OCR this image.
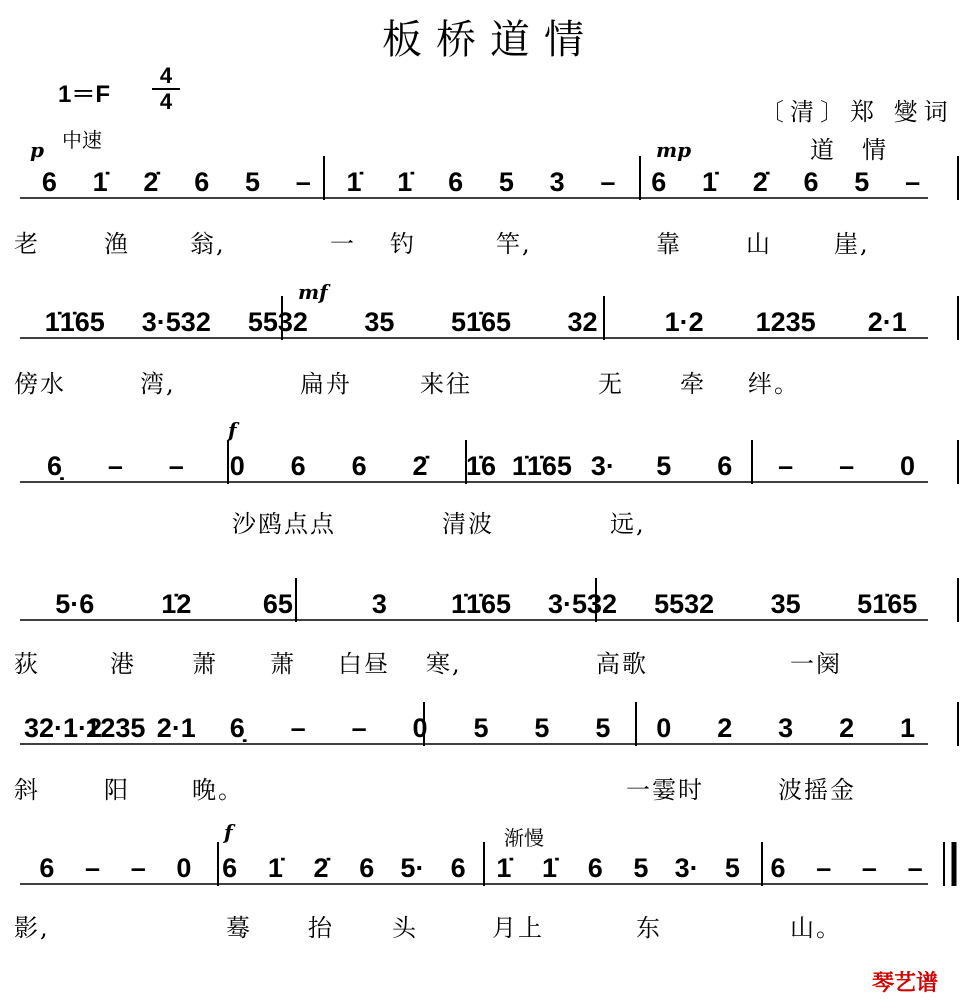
板桥道情
1＝F
4
4	〔清〕郑 燮词
道情
中速
渐慢
p	mp
mf
f
f
6	1̇	2̇	6	5	–	1̇	1̇	6	5	3	–	6	1̇	2̇	6	5	–
1̇1̇65	3·532	5532	35	51̇65	32	1·2	1235	2·1
6̣	–	–	0	6	6	2̇	1̇6 1̇1̇65 3·	5	6	–	–	0
5·6	1̇2	65	3	1̇1̇65	3·532	5532	35	51̇65
32·1·2
1235 2·1	6̣	–	–	0	5	5	5	0	2	3	2	1
6	–	–	0	6	1̇	2̇	6 5· 6	1̇	1̇	6	5 3· 5	6	–	–	–
老	渔	翁,	一 钓	竿,	靠	山	崖,
傍水	湾,	扁舟	来往	无 牵 绊。
沙鸥点点	清波	远,
荻	港 萧 萧 白昼 寒,	高歌	一阕
斜	阳	晚。	一霎时	波摇金
影,	蓦 抬 头	月上	东	山。
琴艺谱
